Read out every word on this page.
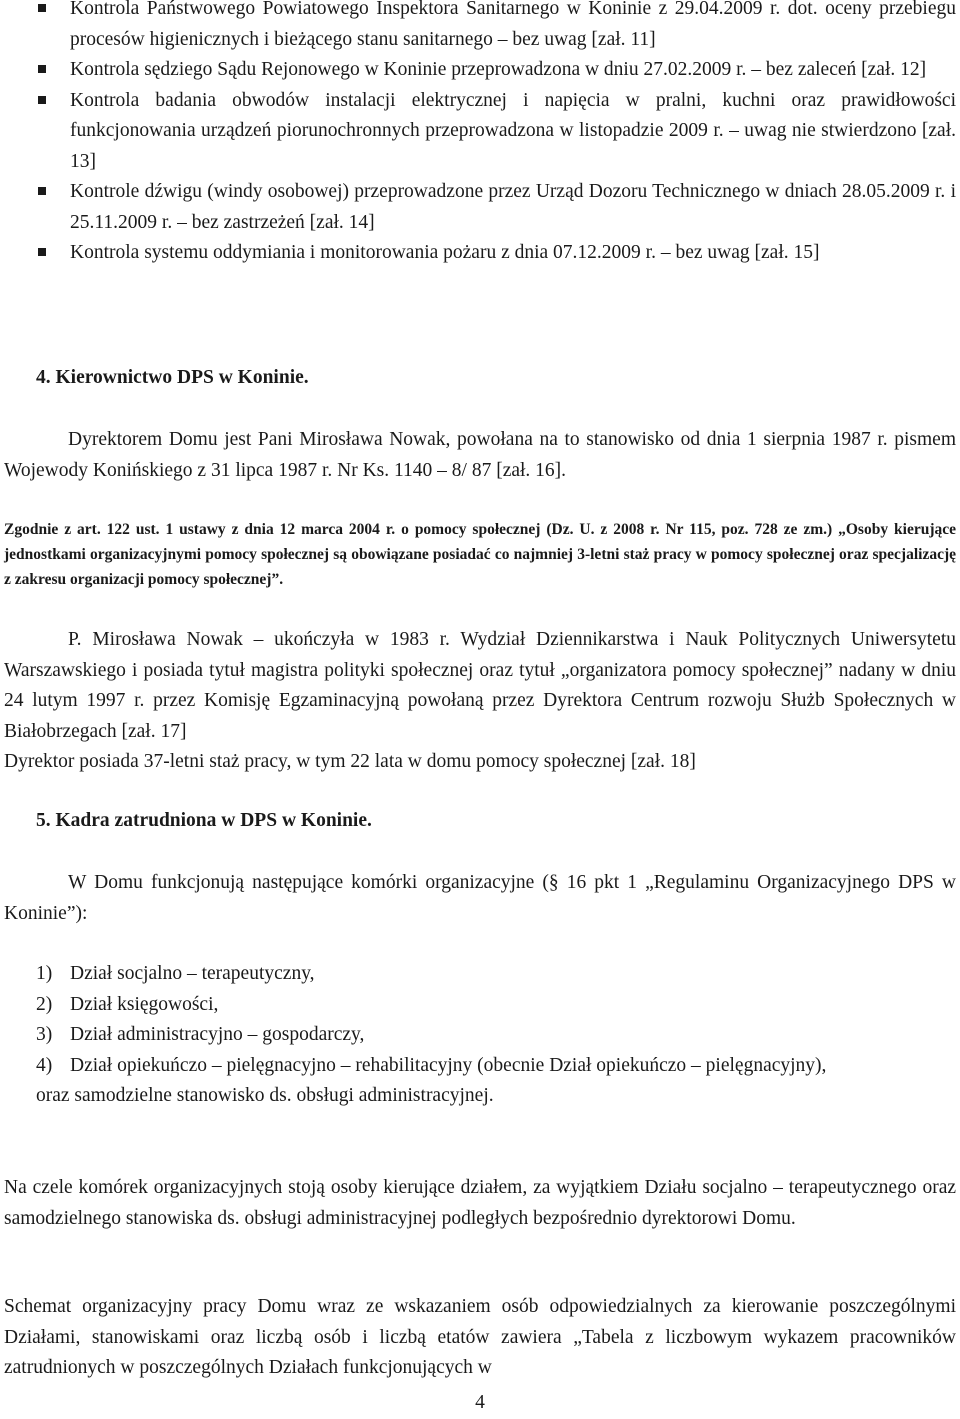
Kontrola Państwowego Powiatowego Inspektora Sanitarnego w Koninie z 29.04.2009 r. dot. oceny przebiegu procesów higienicznych i bieżącego stanu sanitarnego – bez uwag [zał. 11]
Kontrola sędziego Sądu Rejonowego w Koninie przeprowadzona w dniu 27.02.2009 r. – bez zaleceń [zał. 12]
Kontrola badania obwodów instalacji elektrycznej i napięcia w pralni, kuchni oraz prawidłowości funkcjonowania urządzeń piorunochronnych przeprowadzona w listopadzie 2009 r. – uwag nie stwierdzono [zał. 13]
Kontrole dźwigu (windy osobowej) przeprowadzone przez Urząd Dozoru Technicznego w dniach 28.05.2009 r. i 25.11.2009 r. – bez zastrzeżeń [zał. 14]
Kontrola systemu oddymiania i monitorowania pożaru z dnia 07.12.2009 r. – bez uwag [zał. 15]
4. Kierownictwo DPS w Koninie.
Dyrektorem Domu jest Pani Mirosława Nowak, powołana na to stanowisko od dnia 1 sierpnia 1987 r. pismem Wojewody Konińskiego z 31 lipca 1987 r. Nr Ks. 1140 – 8/ 87 [zał. 16].
Zgodnie z art. 122 ust. 1 ustawy z dnia 12 marca 2004 r. o pomocy społecznej (Dz. U. z 2008 r. Nr 115, poz. 728 ze zm.) „Osoby kierujące jednostkami organizacyjnymi pomocy społecznej są obowiązane posiadać co najmniej 3-letni staż pracy w pomocy społecznej oraz specjalizację z zakresu organizacji pomocy społecznej”.
P. Mirosława Nowak – ukończyła w 1983 r. Wydział Dziennikarstwa i Nauk Politycznych Uniwersytetu Warszawskiego i posiada tytuł magistra polityki społecznej oraz tytuł „organizatora pomocy społecznej” nadany w dniu 24 lutym 1997 r. przez Komisję Egzaminacyjną powołaną przez Dyrektora Centrum rozwoju Służb Społecznych w Białobrzegach [zał. 17]
Dyrektor posiada 37-letni staż pracy, w tym 22 lata w domu pomocy społecznej [zał. 18]
5. Kadra zatrudniona w DPS w Koninie.
W Domu funkcjonują następujące komórki organizacyjne (§ 16 pkt 1 „Regulaminu Organizacyjnego DPS w Koninie”):
1) Dział socjalno – terapeutyczny,
2) Dział księgowości,
3) Dział administracyjno – gospodarczy,
4) Dział opiekuńczo – pielęgnacyjno – rehabilitacyjny (obecnie Dział opiekuńczo – pielęgnacyjny),
oraz samodzielne stanowisko ds. obsługi administracyjnej.
Na czele komórek organizacyjnych stoją osoby kierujące działem, za wyjątkiem Działu socjalno – terapeutycznego oraz samodzielnego stanowiska ds. obsługi administracyjnej podległych bezpośrednio dyrektorowi Domu.
Schemat organizacyjny pracy Domu wraz ze wskazaniem osób odpowiedzialnych za kierowanie poszczególnymi Działami, stanowiskami oraz liczbą osób i liczbą etatów zawiera „Tabela z liczbowym wykazem pracowników zatrudnionych w poszczególnych Działach funkcjonujących w
4
